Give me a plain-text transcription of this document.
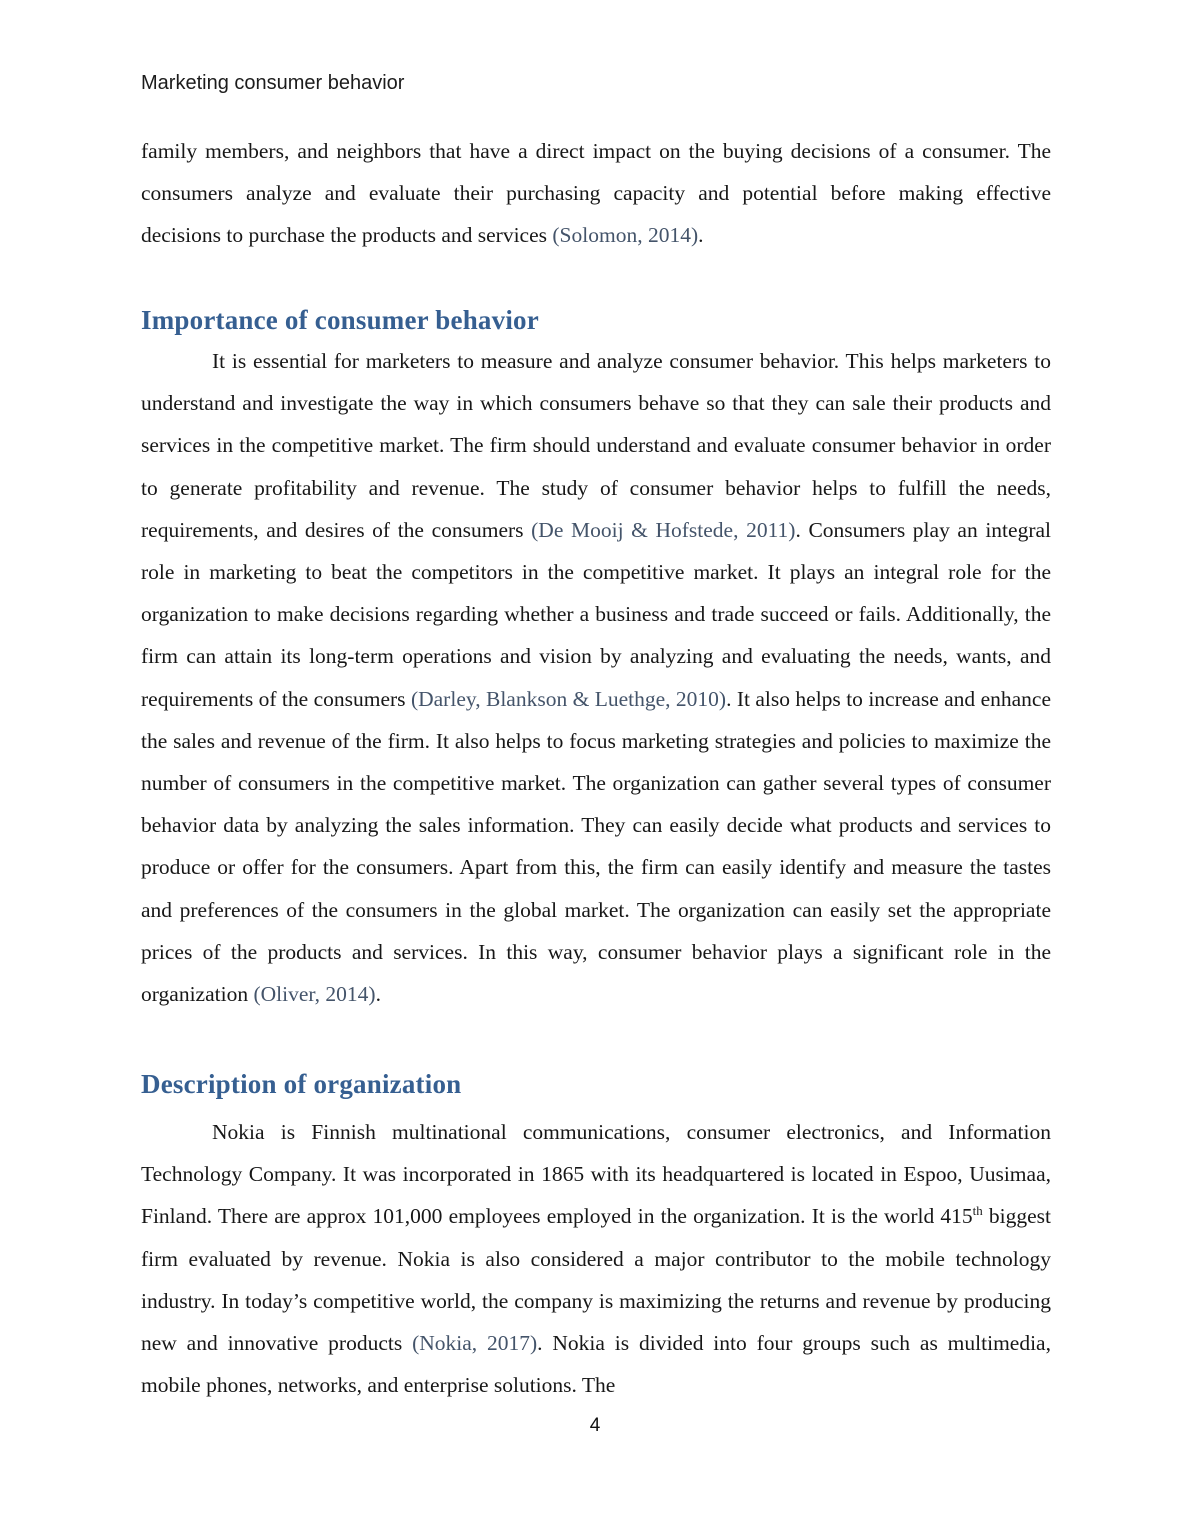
Marketing consumer behavior

family members, and neighbors that have a direct impact on the buying decisions of a consumer. The consumers analyze and evaluate their purchasing capacity and potential before making effective decisions to purchase the products and services (Solomon, 2014).

Importance of consumer behavior

It is essential for marketers to measure and analyze consumer behavior. This helps marketers to understand and investigate the way in which consumers behave so that they can sale their products and services in the competitive market. The firm should understand and evaluate consumer behavior in order to generate profitability and revenue. The study of consumer behavior helps to fulfill the needs, requirements, and desires of the consumers (De Mooij & Hofstede, 2011). Consumers play an integral role in marketing to beat the competitors in the competitive market. It plays an integral role for the organization to make decisions regarding whether a business and trade succeed or fails. Additionally, the firm can attain its long-term operations and vision by analyzing and evaluating the needs, wants, and requirements of the consumers (Darley, Blankson & Luethge, 2010). It also helps to increase and enhance the sales and revenue of the firm. It also helps to focus marketing strategies and policies to maximize the number of consumers in the competitive market. The organization can gather several types of consumer behavior data by analyzing the sales information. They can easily decide what products and services to produce or offer for the consumers. Apart from this, the firm can easily identify and measure the tastes and preferences of the consumers in the global market. The organization can easily set the appropriate prices of the products and services. In this way, consumer behavior plays a significant role in the organization (Oliver, 2014).

Description of organization

Nokia is Finnish multinational communications, consumer electronics, and Information Technology Company. It was incorporated in 1865 with its headquartered is located in Espoo, Uusimaa, Finland. There are approx 101,000 employees employed in the organization. It is the world 415th biggest firm evaluated by revenue. Nokia is also considered a major contributor to the mobile technology industry. In today’s competitive world, the company is maximizing the returns and revenue by producing new and innovative products (Nokia, 2017). Nokia is divided into four groups such as multimedia, mobile phones, networks, and enterprise solutions. The

4
